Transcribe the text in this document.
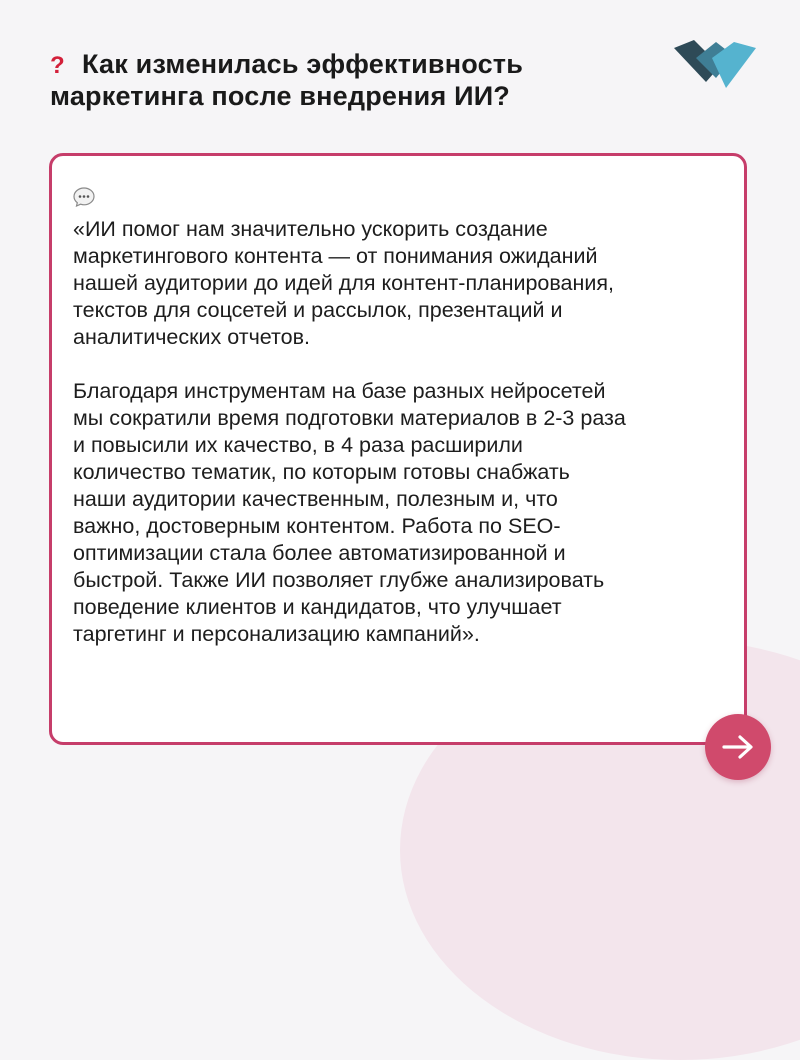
? Как изменилась эффективность
маркетинга после внедрения ИИ?

«ИИ помог нам значительно ускорить создание
маркетингового контента — от понимания ожиданий
нашей аудитории до идей для контент-планирования,
текстов для соцсетей и рассылок, презентаций и
аналитических отчетов.

Благодаря инструментам на базе разных нейросетей
мы сократили время подготовки материалов в 2-3 раза
и повысили их качество, в 4 раза расширили
количество тематик, по которым готовы снабжать
наши аудитории качественным, полезным и, что
важно, достоверным контентом. Работа по SEO-
оптимизации стала более автоматизированной и
быстрой. Также ИИ позволяет глубже анализировать
поведение клиентов и кандидатов, что улучшает
таргетинг и персонализацию кампаний».
